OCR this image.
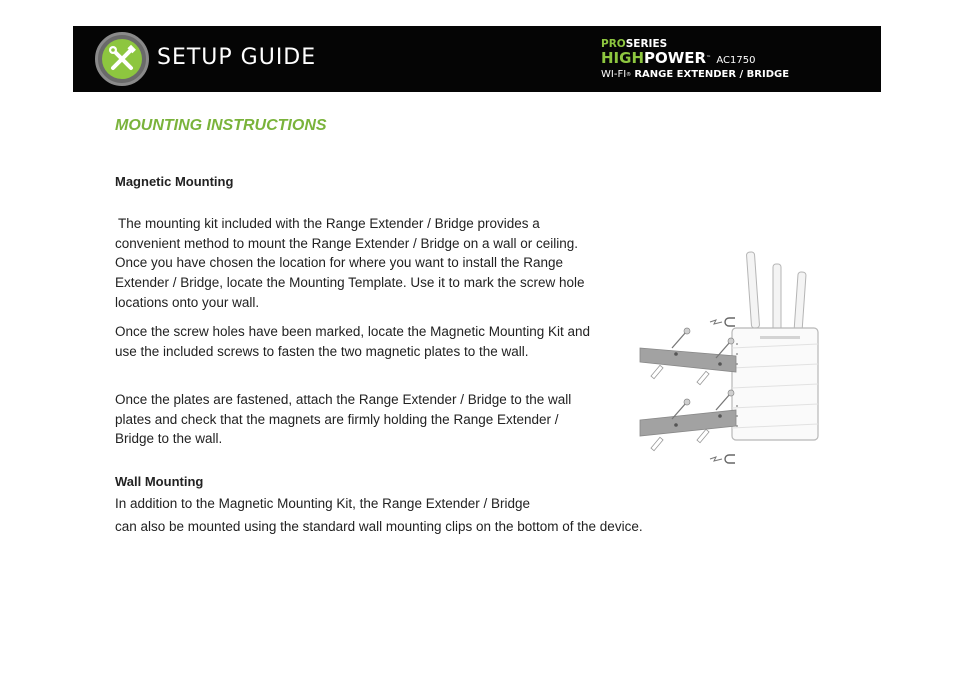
SETUP GUIDE
PROSERIES
HIGHPOWER™ AC1750
WI-FI® RANGE EXTENDER / BRIDGE
MOUNTING INSTRUCTIONS
Magnetic Mounting
The mounting kit included with the Range Extender / Bridge provides a convenient method to mount the Range Extender / Bridge on a wall or ceiling. Once you have chosen the location for where you want to install the Range Extender / Bridge, locate the Mounting Template. Use it to mark the screw hole locations onto your wall.
Once the screw holes have been marked, locate the Magnetic Mounting Kit and use the included screws to fasten the two magnetic plates to the wall.
Once the plates are fastened, attach the Range Extender / Bridge to the wall plates and check that the magnets are firmly holding the Range Extender / Bridge to the wall.
Wall Mounting
In addition to the Magnetic Mounting Kit, the Range Extender / Bridge
can also be mounted using the standard wall mounting clips on the bottom of the device.
